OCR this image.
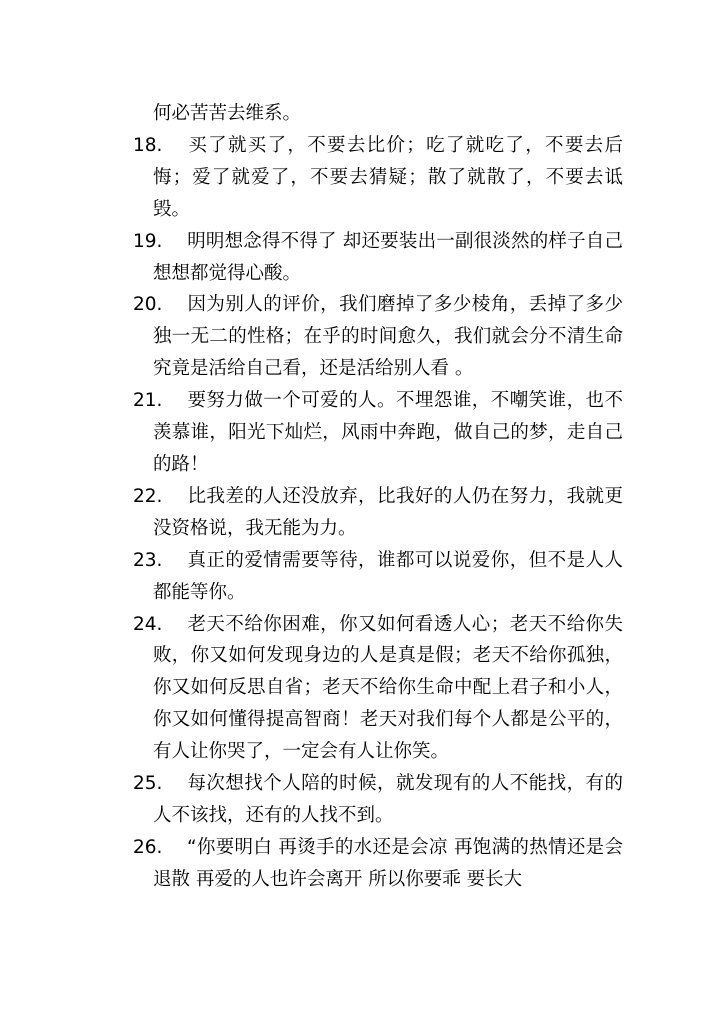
何必苦苦去维系。

18. 买了就买了，不要去比价；吃了就吃了，不要去后悔；爱了就爱了，不要去猜疑；散了就散了，不要去诋毁。

19. 明明想念得不得了 却还要装出一副很淡然的样子自己想想都觉得心酸。

20. 因为别人的评价，我们磨掉了多少棱角，丢掉了多少独一无二的性格；在乎的时间愈久，我们就会分不清生命究竟是活给自己看，还是活给别人看 。

21. 要努力做一个可爱的人。不埋怨谁，不嘲笑谁，也不羡慕谁，阳光下灿烂，风雨中奔跑，做自己的梦，走自己的路！

22. 比我差的人还没放弃，比我好的人仍在努力，我就更没资格说，我无能为力。

23. 真正的爱情需要等待，谁都可以说爱你，但不是人人都能等你。

24. 老天不给你困难，你又如何看透人心；老天不给你失败，你又如何发现身边的人是真是假；老天不给你孤独，你又如何反思自省；老天不给你生命中配上君子和小人，你又如何懂得提高智商！老天对我们每个人都是公平的，有人让你哭了，一定会有人让你笑。

25. 每次想找个人陪的时候，就发现有的人不能找，有的人不该找，还有的人找不到。

26. “你要明白 再烫手的水还是会凉 再饱满的热情还是会退散 再爱的人也许会离开 所以你要乖 要长大
